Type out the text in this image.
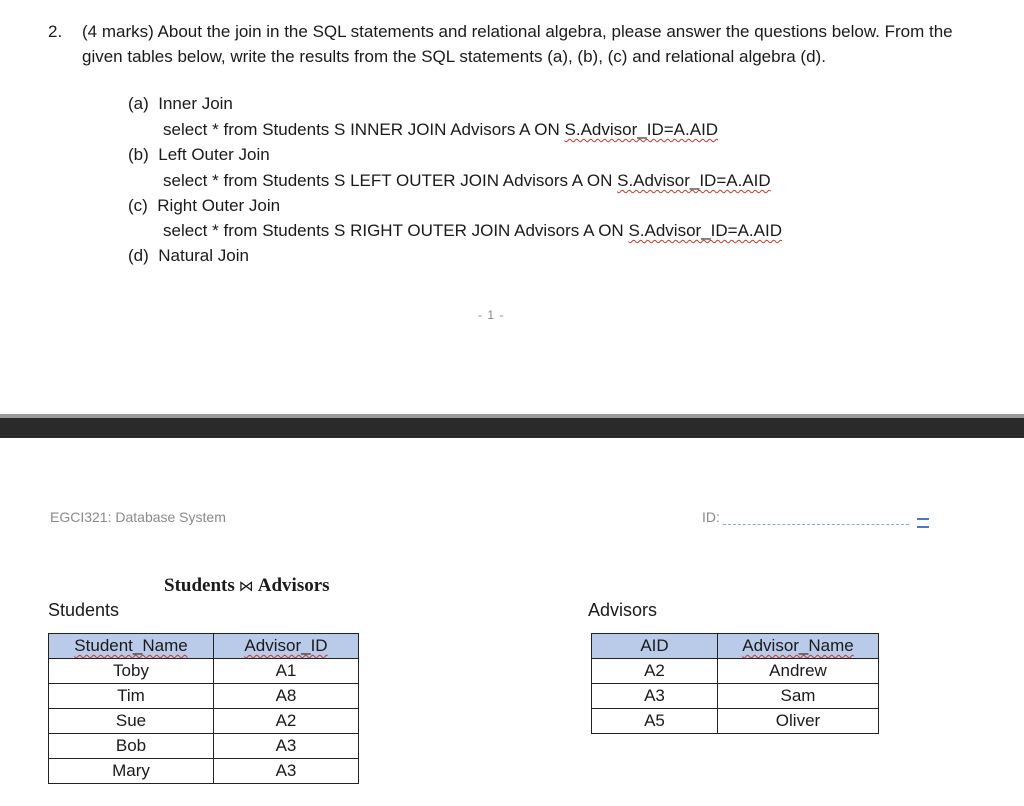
2. (4 marks) About the join in the SQL statements and relational algebra, please answer the questions below. From the given tables below, write the results from the SQL statements (a), (b), (c) and relational algebra (d).
(a) Inner Join
select * from Students S INNER JOIN Advisors A ON S.Advisor_ID=A.AID
(b) Left Outer Join
select * from Students S LEFT OUTER JOIN Advisors A ON S.Advisor_ID=A.AID
(c) Right Outer Join
select * from Students S RIGHT OUTER JOIN Advisors A ON S.Advisor_ID=A.AID
(d) Natural Join
- 1 -
EGCI321: Database System	ID:
Students ⋈ Advisors
Students
Student_Name	Advisor_ID
Toby	A1
Tim	A8
Sue	A2
Bob	A3
Mary	A3
Advisors
AID	Advisor_Name
A2	Andrew
A3	Sam
A5	Oliver
